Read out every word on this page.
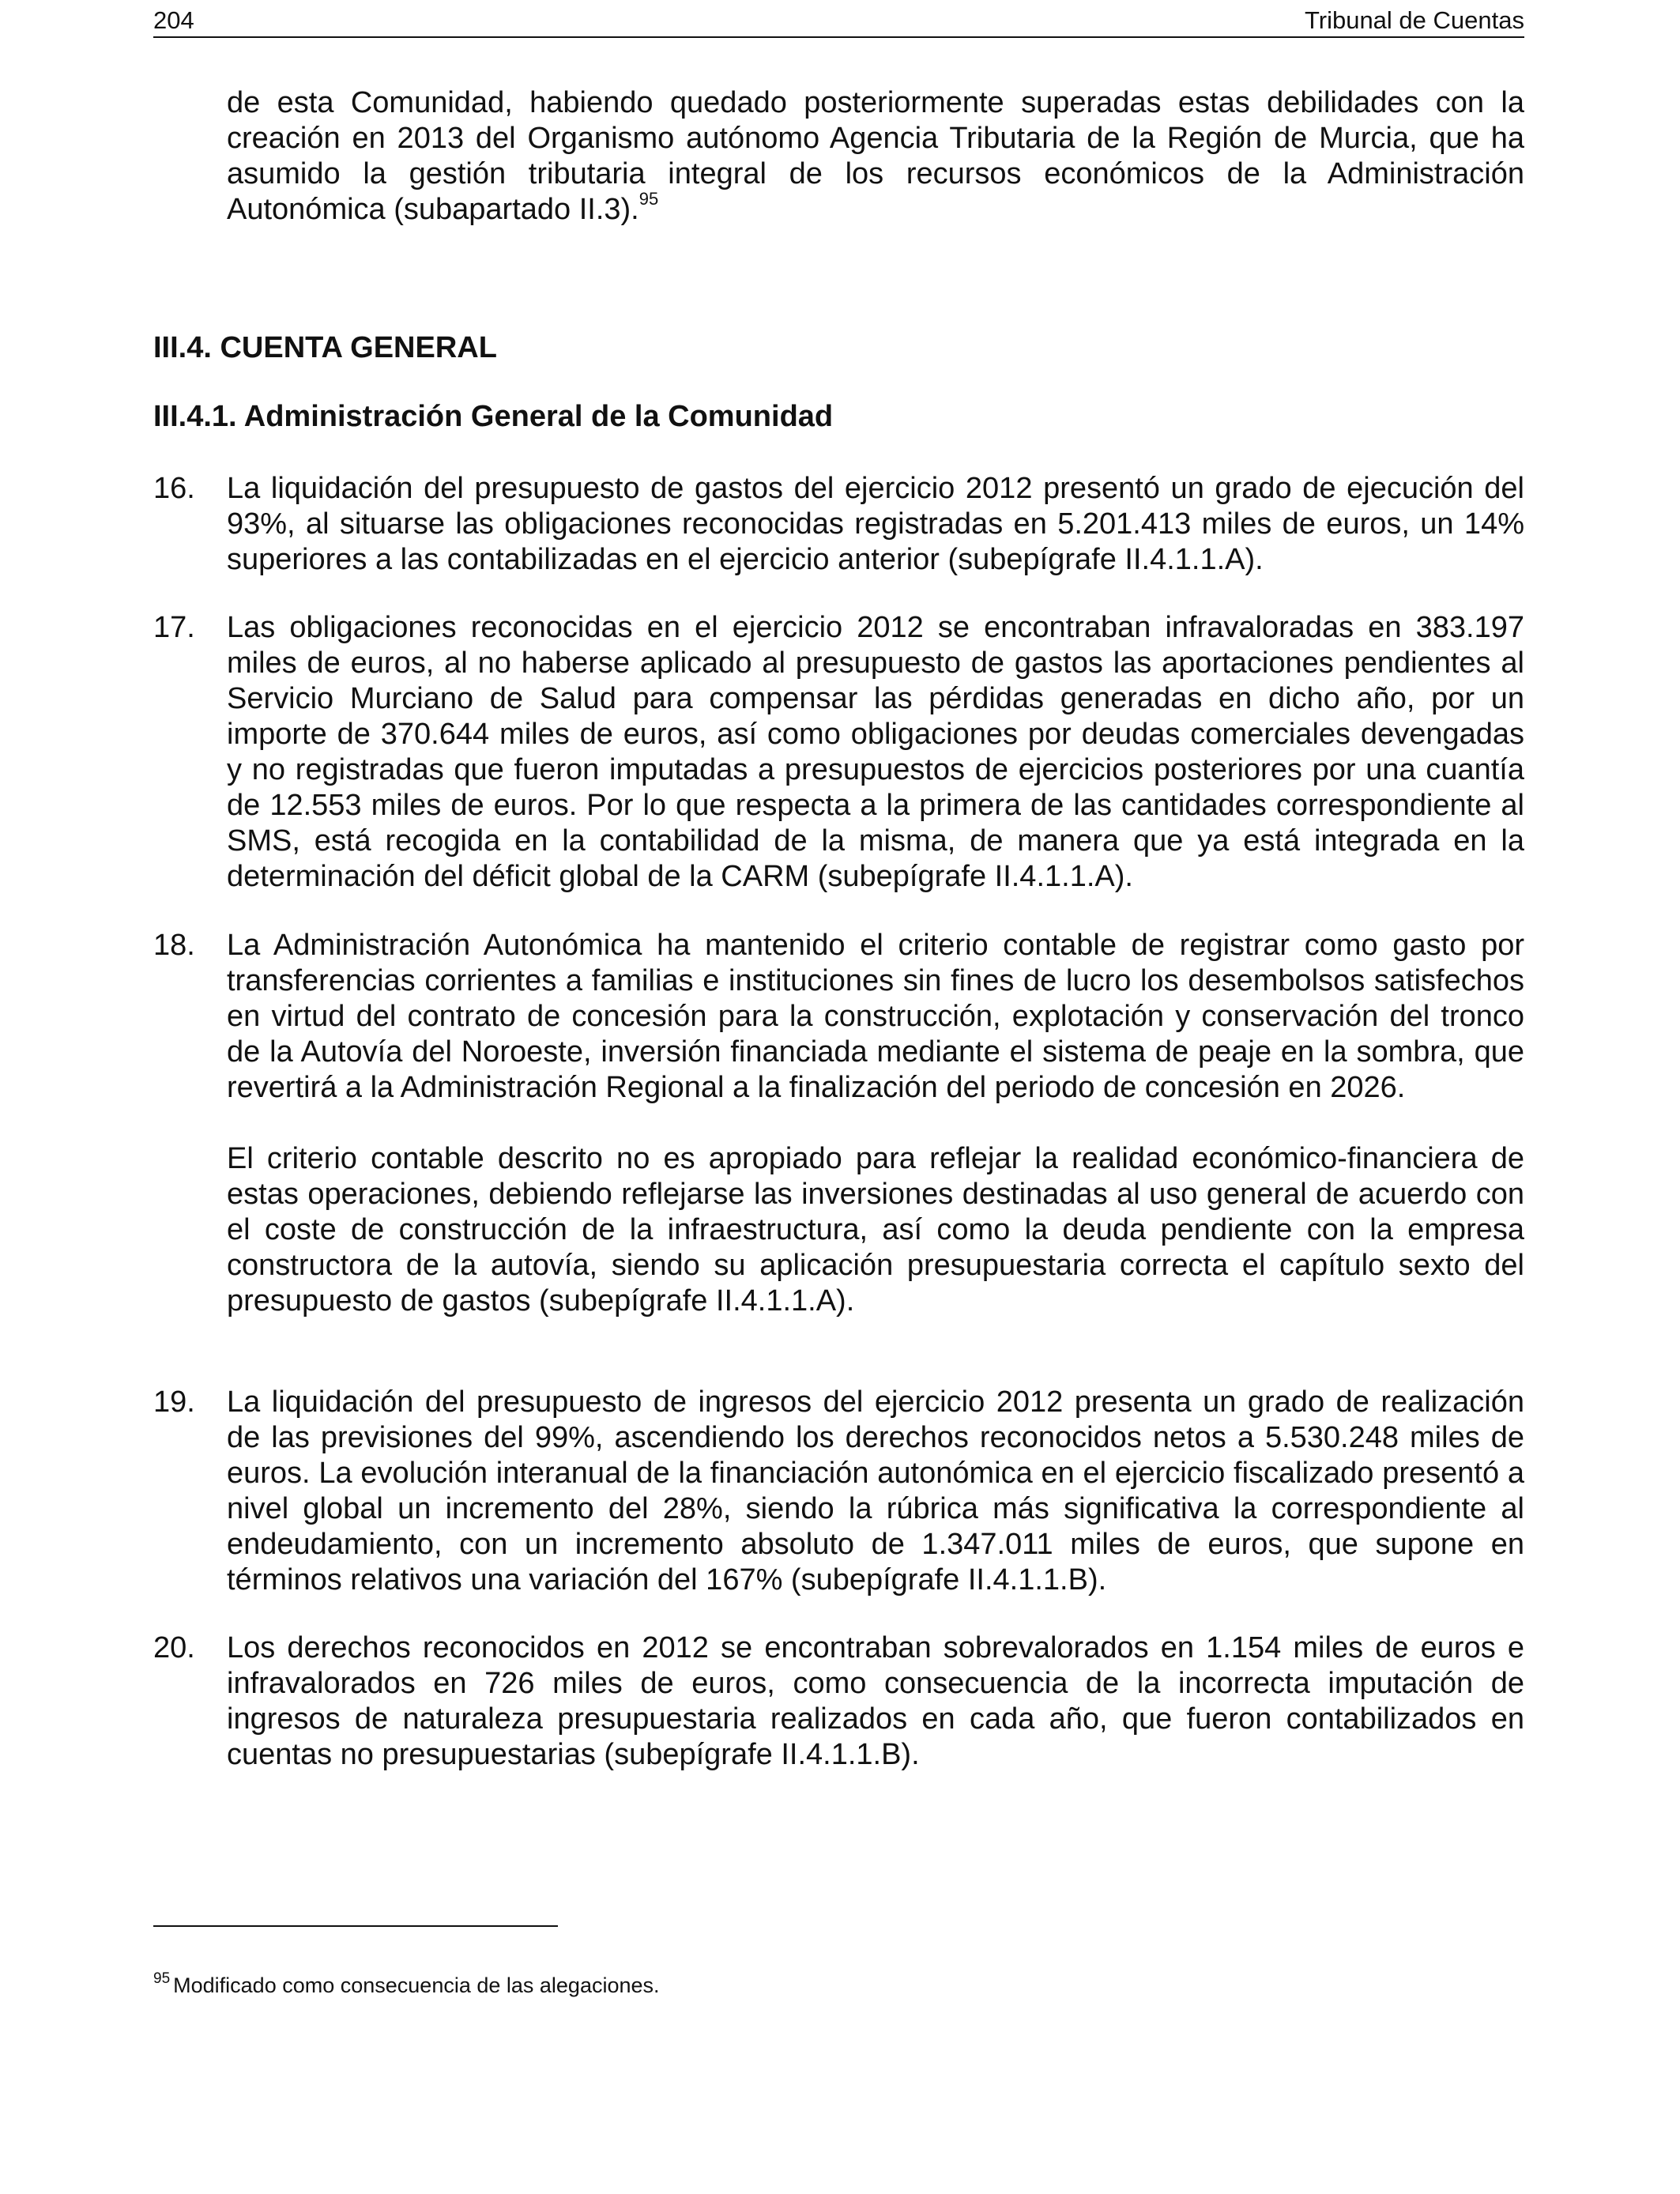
204	Tribunal de Cuentas
de esta Comunidad, habiendo quedado posteriormente superadas estas debilidades con la creación en 2013 del Organismo autónomo Agencia Tributaria de la Región de Murcia, que ha asumido la gestión tributaria integral de los recursos económicos de la Administración Autonómica (subapartado II.3).$^{95}$
III.4. CUENTA GENERAL
III.4.1. Administración General de la Comunidad
16. La liquidación del presupuesto de gastos del ejercicio 2012 presentó un grado de ejecución del 93%, al situarse las obligaciones reconocidas registradas en 5.201.413 miles de euros, un 14% superiores a las contabilizadas en el ejercicio anterior (subepígrafe II.4.1.1.A).
17. Las obligaciones reconocidas en el ejercicio 2012 se encontraban infravaloradas en 383.197 miles de euros, al no haberse aplicado al presupuesto de gastos las aportaciones pendientes al Servicio Murciano de Salud para compensar las pérdidas generadas en dicho año, por un importe de 370.644 miles de euros, así como obligaciones por deudas comerciales devengadas y no registradas que fueron imputadas a presupuestos de ejercicios posteriores por una cuantía de 12.553 miles de euros. Por lo que respecta a la primera de las cantidades correspondiente al SMS, está recogida en la contabilidad de la misma, de manera que ya está integrada en la determinación del déficit global de la CARM (subepígrafe II.4.1.1.A).
18. La Administración Autonómica ha mantenido el criterio contable de registrar como gasto por transferencias corrientes a familias e instituciones sin fines de lucro los desembolsos satisfechos en virtud del contrato de concesión para la construcción, explotación y conservación del tronco de la Autovía del Noroeste, inversión financiada mediante el sistema de peaje en la sombra, que revertirá a la Administración Regional a la finalización del periodo de concesión en 2026.
El criterio contable descrito no es apropiado para reflejar la realidad económico-financiera de estas operaciones, debiendo reflejarse las inversiones destinadas al uso general de acuerdo con el coste de construcción de la infraestructura, así como la deuda pendiente con la empresa constructora de la autovía, siendo su aplicación presupuestaria correcta el capítulo sexto del presupuesto de gastos (subepígrafe II.4.1.1.A).
19. La liquidación del presupuesto de ingresos del ejercicio 2012 presenta un grado de realización de las previsiones del 99%, ascendiendo los derechos reconocidos netos a 5.530.248 miles de euros. La evolución interanual de la financiación autonómica en el ejercicio fiscalizado presentó a nivel global un incremento del 28%, siendo la rúbrica más significativa la correspondiente al endeudamiento, con un incremento absoluto de 1.347.011 miles de euros, que supone en términos relativos una variación del 167% (subepígrafe II.4.1.1.B).
20. Los derechos reconocidos en 2012 se encontraban sobrevalorados en 1.154 miles de euros e infravalorados en 726 miles de euros, como consecuencia de la incorrecta imputación de ingresos de naturaleza presupuestaria realizados en cada año, que fueron contabilizados en cuentas no presupuestarias (subepígrafe II.4.1.1.B).
$^{95}$ Modificado como consecuencia de las alegaciones.
